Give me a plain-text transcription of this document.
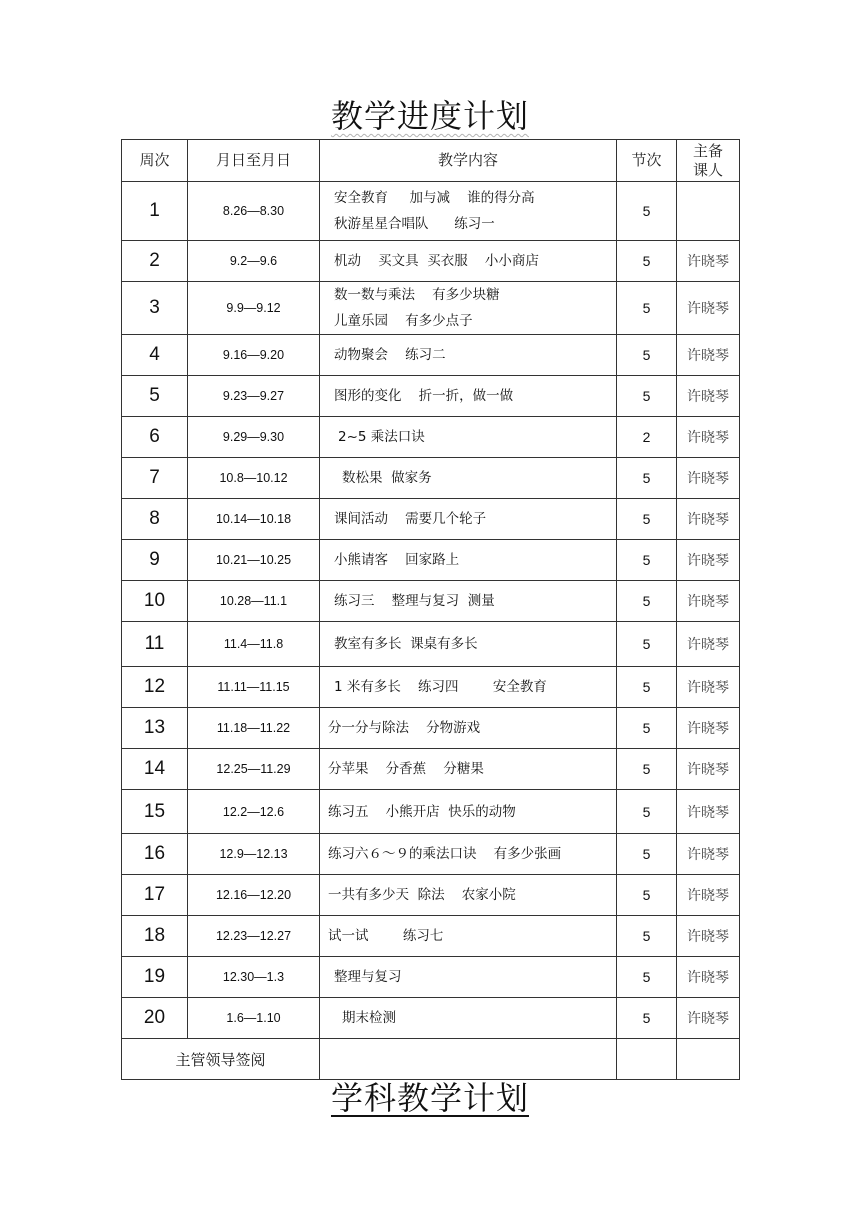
教学进度计划
周次	月日至月日	教学内容	节次	主备课人

1	8.26—8.30	安全教育     加与减    谁的得分高
秋游星星合唱队      练习一	5	
2	9.2—9.6	机动    买文具  买衣服    小小商店	5	许晓琴
3	9.9—9.12	数一数与乘法    有多少块糖
儿童乐园    有多少点子	5	许晓琴
4	9.16—9.20	动物聚会    练习二	5	许晓琴
5	9.23—9.27	图形的变化    折一折，做一做	5	许晓琴
6	9.29—9.30	2~5 乘法口诀	2	许晓琴
7	10.8—10.12	数松果  做家务	5	许晓琴
8	10.14—10.18	课间活动    需要几个轮子	5	许晓琴
9	10.21—10.25	小熊请客    回家路上	5	许晓琴
10	10.28—11.1	练习三    整理与复习  测量	5	许晓琴
11	11.4—11.8	教室有多长  课桌有多长	5	许晓琴
12	11.11—11.15	1 米有多长    练习四        安全教育	5	许晓琴
13	11.18—11.22	分一分与除法    分物游戏	5	许晓琴
14	12.25—11.29	分苹果    分香蕉    分糖果	5	许晓琴
15	12.2—12.6	练习五    小熊开店  快乐的动物	5	许晓琴
16	12.9—12.13	练习六６～９的乘法口诀    有多少张画	5	许晓琴
17	12.16—12.20	一共有多少天  除法    农家小院	5	许晓琴
18	12.23—12.27	试一试        练习七	5	许晓琴
19	12.30—1.3	整理与复习	5	许晓琴
20	1.6—1.10	期末检测	5	许晓琴
主管领导签阅				
学科教学计划
